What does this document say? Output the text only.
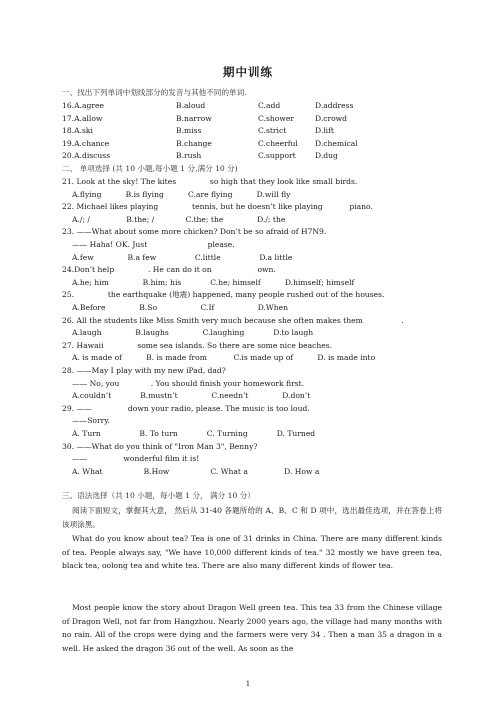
期中训练
一、找出下列单词中划线部分的发音与其他不同的单词.
16.A.agree	B.aloud	C.add	D.address
17.A.allow	B.narrow	C.shower	D.crowd
18.A.ski	B.miss	C.strict	D.lift
19.A.chance	B.change	C.cheerful D.chemical
20.A.discuss	B.rush	C.support	D.dug
二、 单项选择 (共 10 小题,每小题 1 分,满分 10 分)
21. Look at the sky! The kites              so high that they look like small birds.
A.flying          B.is flying          C.are flying          D.will fly
22. Michael likes playing              tennis, but he doesn’t like playing           piano.
A./; /               B.the; /             C.the; the              D./; the
23. ——What about some more chicken? Don’t be so afraid of H7N9.
—— Haha! OK. Just                         please.
A.few              B.a few                C.little                D.a little
24.Don’t help              . He can do it on                   own.
A.he; him              B.him; his            C.he; himself          D.himself; himself
25.              the earthquake (地震) happened, many people rushed out of the houses.
A.Before              B.So                  C.If                  D.When
26. All the students like Miss Smith very much because she often makes them                .
A.laugh              B.laughs              C.laughing            D.to laugh
27. Hawaii              some sea islands. So there are some nice beaches.
A. is made of          B. is made from           C.is made up of          D. is made into
28. ——May I play with my new iPad, dad?
—— No, you             . You should finish your homework first.
A.couldn’t            B.mustn’t              C.needn’t              D.don’t
29. ——               down your radio, please. The music is too loud.
——Sorry.
A. Turn                B. To turn            C. Turning            D. Turned
30. ——What do you think of "Iron Man 3", Benny?
——               wonderful film it is!
A. What                 B.How                 C. What a               D. How a
三、语法选择（共 10 小题，每小题 1 分， 满分 10 分）
阅读下面短文，掌握其大意， 然后从 31-40 各题所给的 A、B、C 和 D 项中，选出最佳选项，并在答卷上将该项涂黑。
What do you know about tea? Tea is one of 31 drinks in China. There are many different kinds of tea. People always say, "We have 10,000 different kinds of tea." 32 mostly we have green tea, black tea, oolong tea and white tea. There are also many different kinds of flower tea.
Most people know the story about Dragon Well green tea. This tea 33 from the Chinese village of Dragon Well, not far from Hangzhou. Nearly 2000 years ago, the village had many months with no rain. All of the crops were dying and the farmers were very 34 . Then a man 35 a dragon in a well. He asked the dragon 36 out of the well. As soon as the
1
